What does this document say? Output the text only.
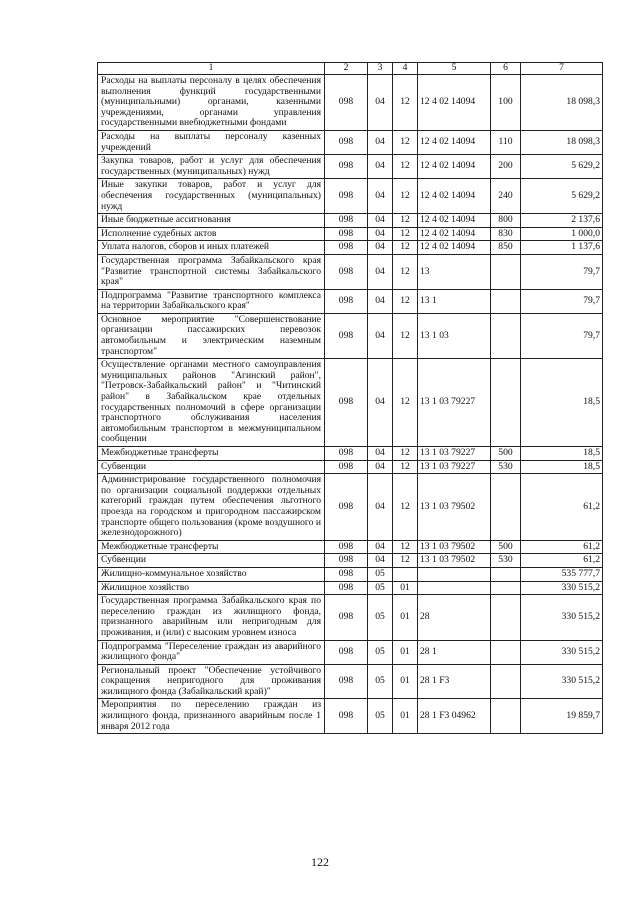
1	2	3	4	5	6	7
Расходы на выплаты персоналу в целях обеспечения выполнения функций государственными (муниципальными) органами, казенными учреждениями, органами управления государственными внебюджетными фондами	098	04	12	12 4 02 14094	100	18 098,3
Расходы на выплаты персоналу казенных учреждений	098	04	12	12 4 02 14094	110	18 098,3
Закупка товаров, работ и услуг для обеспечения государственных (муниципальных) нужд	098	04	12	12 4 02 14094	200	5 629,2
Иные закупки товаров, работ и услуг для обеспечения государственных (муниципальных) нужд	098	04	12	12 4 02 14094	240	5 629,2
Иные бюджетные ассигнования	098	04	12	12 4 02 14094	800	2 137,6
Исполнение судебных актов	098	04	12	12 4 02 14094	830	1 000,0
Уплата налогов, сборов и иных платежей	098	04	12	12 4 02 14094	850	1 137,6
Государственная программа Забайкальского края "Развитие транспортной системы Забайкальского края"	098	04	12	13		79,7
Подпрограмма "Развитие транспортного комплекса на территории Забайкальского края"	098	04	12	13 1		79,7
Основное мероприятие "Совершенствование организации пассажирских перевозок автомобильным и электрическим наземным транспортом"	098	04	12	13 1 03		79,7
Осуществление органами местного самоуправления муниципальных районов "Агинский район", "Петровск-Забайкальский район" и "Читинский район" в Забайкальском крае отдельных государственных полномочий в сфере организации транспортного обслуживания населения автомобильным транспортом в межмуниципальном сообщении	098	04	12	13 1 03 79227		18,5
Межбюджетные трансферты	098	04	12	13 1 03 79227	500	18,5
Субвенции	098	04	12	13 1 03 79227	530	18,5
Администрирование государственного полномочия по организации социальной поддержки отдельных категорий граждан путем обеспечения льготного проезда на городском и пригородном пассажирском транспорте общего пользования (кроме воздушного и железнодорожного)	098	04	12	13 1 03 79502		61,2
Межбюджетные трансферты	098	04	12	13 1 03 79502	500	61,2
Субвенции	098	04	12	13 1 03 79502	530	61,2
Жилищно-коммунальное хозяйство	098	05				535 777,7
Жилищное хозяйство	098	05	01			330 515,2
Государственная программа Забайкальского края по переселению граждан из жилищного фонда, признанного аварийным или непригодным для проживания, и (или) с высоким уровнем износа	098	05	01	28		330 515,2
Подпрограмма "Переселение граждан из аварийного жилищного фонда"	098	05	01	28 1		330 515,2
Региональный проект "Обеспечение устойчивого сокращения непригодного для проживания жилищного фонда (Забайкальский край)"	098	05	01	28 1 F3		330 515,2
Мероприятия по переселению граждан из жилищного фонда, признанного аварийным после 1 января 2012 года	098	05	01	28 1 F3 04962		19 859,7
122
